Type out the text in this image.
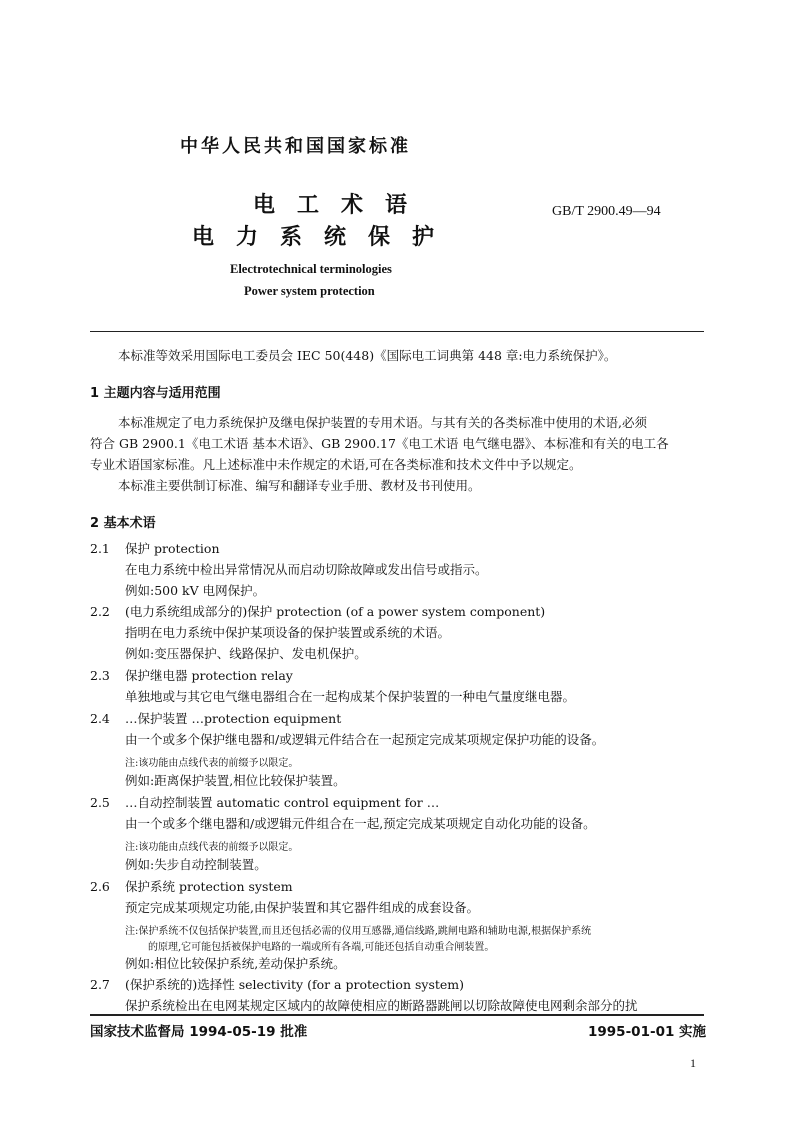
中华人民共和国国家标准
电工术语
电力系统保护
GB/T 2900.49—94
Electrotechnical terminologies
Power system protection
本标准等效采用国际电工委员会 IEC 50(448)《国际电工词典第 448 章:电力系统保护》。
1 主题内容与适用范围
本标准规定了电力系统保护及继电保护装置的专用术语。与其有关的各类标准中使用的术语,必须
符合 GB 2900.1《电工术语 基本术语》、GB 2900.17《电工术语 电气继电器》、本标准和有关的电工各
专业术语国家标准。凡上述标准中未作规定的术语,可在各类标准和技术文件中予以规定。
本标准主要供制订标准、编写和翻译专业手册、教材及书刊使用。
2 基本术语
2.1 保护 protection
在电力系统中检出异常情况从而启动切除故障或发出信号或指示。
例如:500 kV 电网保护。
2.2 (电力系统组成部分的)保护 protection (of a power system component)
指明在电力系统中保护某项设备的保护装置或系统的术语。
例如:变压器保护、线路保护、发电机保护。
2.3 保护继电器 protection relay
单独地或与其它电气继电器组合在一起构成某个保护装置的一种电气量度继电器。
2.4 …保护装置 …protection equipment
由一个或多个保护继电器和/或逻辑元件结合在一起预定完成某项规定保护功能的设备。
注:该功能由点线代表的前缀予以限定。
例如:距离保护装置,相位比较保护装置。
2.5 …自动控制装置 automatic control equipment for …
由一个或多个继电器和/或逻辑元件组合在一起,预定完成某项规定自动化功能的设备。
注:该功能由点线代表的前缀予以限定。
例如:失步自动控制装置。
2.6 保护系统 protection system
预定完成某项规定功能,由保护装置和其它器件组成的成套设备。
注:保护系统不仅包括保护装置,而且还包括必需的仪用互感器,通信线路,跳闸电路和辅助电源,根据保护系统
的原理,它可能包括被保护电路的一端或所有各端,可能还包括自动重合闸装置。
例如:相位比较保护系统,差动保护系统。
2.7 (保护系统的)选择性 selectivity (for a protection system)
保护系统检出在电网某规定区域内的故障使相应的断路器跳闸以切除故障使电网剩余部分的扰
国家技术监督局 1994-05-19 批准	1995-01-01 实施
1
